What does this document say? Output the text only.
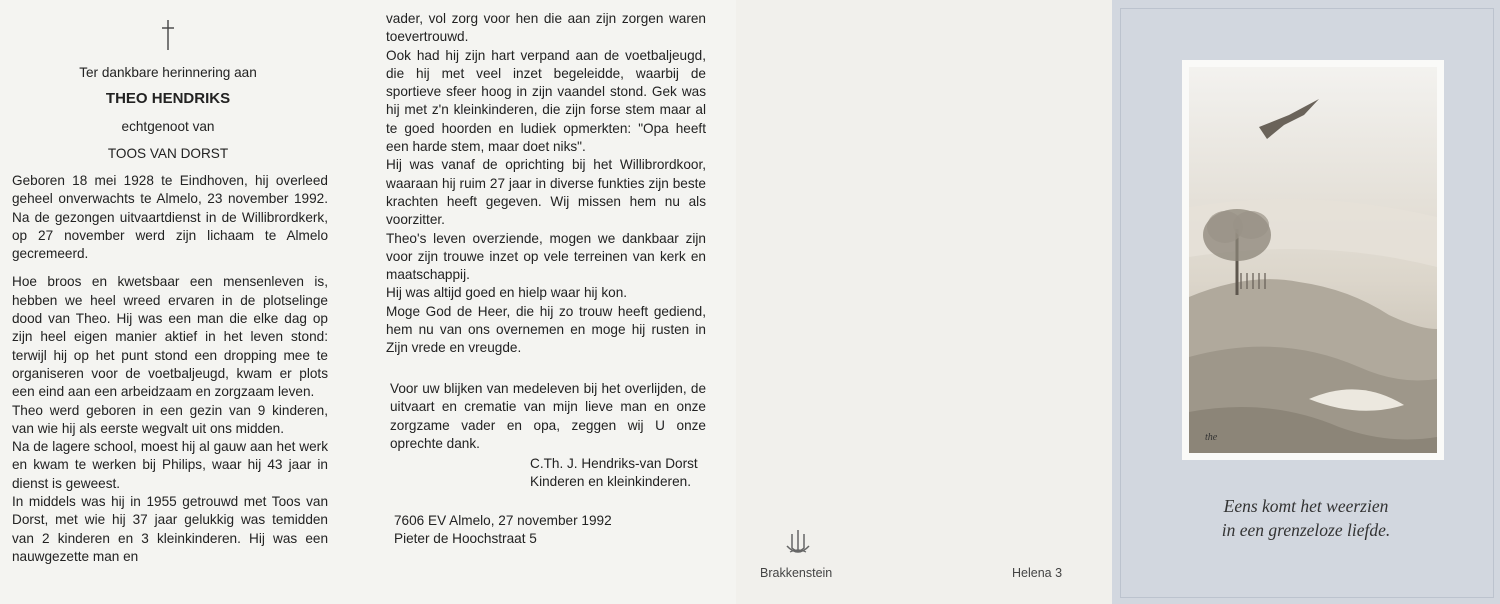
Ter dankbare herinnering aan
THEO HENDRIKS
echtgenoot van
TOOS VAN DORST

Geboren 18 mei 1928 te Eindhoven, hij overleed geheel onverwachts te Almelo, 23 november 1992. Na de gezongen uitvaartdienst in de Willibrordkerk, op 27 november werd zijn lichaam te Almelo gecremeerd.

Hoe broos en kwetsbaar een mensenleven is, hebben we heel wreed ervaren in de plotselinge dood van Theo. Hij was een man die elke dag op zijn heel eigen manier aktief in het leven stond: terwijl hij op het punt stond een dropping mee te organiseren voor de voetbaljeugd, kwam er plots een eind aan een arbeidzaam en zorgzaam leven.

Theo werd geboren in een gezin van 9 kinderen, van wie hij als eerste wegvalt uit ons midden.

Na de lagere school, moest hij al gauw aan het werk en kwam te werken bij Philips, waar hij 43 jaar in dienst is geweest.

In middels was hij in 1955 getrouwd met Toos van Dorst, met wie hij 37 jaar gelukkig was temidden van 2 kinderen en 3 kleinkinderen. Hij was een nauwgezette man en

vader, vol zorg voor hen die aan zijn zorgen waren toevertrouwd.

Ook had hij zijn hart verpand aan de voetbaljeugd, die hij met veel inzet begeleidde, waarbij de sportieve sfeer hoog in zijn vaandel stond. Gek was hij met z'n kleinkinderen, die zijn forse stem maar al te goed hoorden en ludiek opmerkten: "Opa heeft een harde stem, maar doet niks".

Hij was vanaf de oprichting bij het Willibrordkoor, waaraan hij ruim 27 jaar in diverse funkties zijn beste krachten heeft gegeven. Wij missen hem nu als voorzitter.

Theo's leven overziende, mogen we dankbaar zijn voor zijn trouwe inzet op vele terreinen van kerk en maatschappij.

Hij was altijd goed en hielp waar hij kon.

Moge God de Heer, die hij zo trouw heeft gediend, hem nu van ons overnemen en moge hij rusten in Zijn vrede en vreugde.

Voor uw blijken van medeleven bij het overlijden, de uitvaart en crematie van mijn lieve man en onze zorgzame vader en opa, zeggen wij U onze oprechte dank.

C.Th. J. Hendriks-van Dorst
Kinderen en kleinkinderen.
7606 EV Almelo, 27 november 1992
Pieter de Hoochstraat 5
Brakkenstein	Helena 3
the
Eens komt het weerzien
in een grenzeloze liefde.
